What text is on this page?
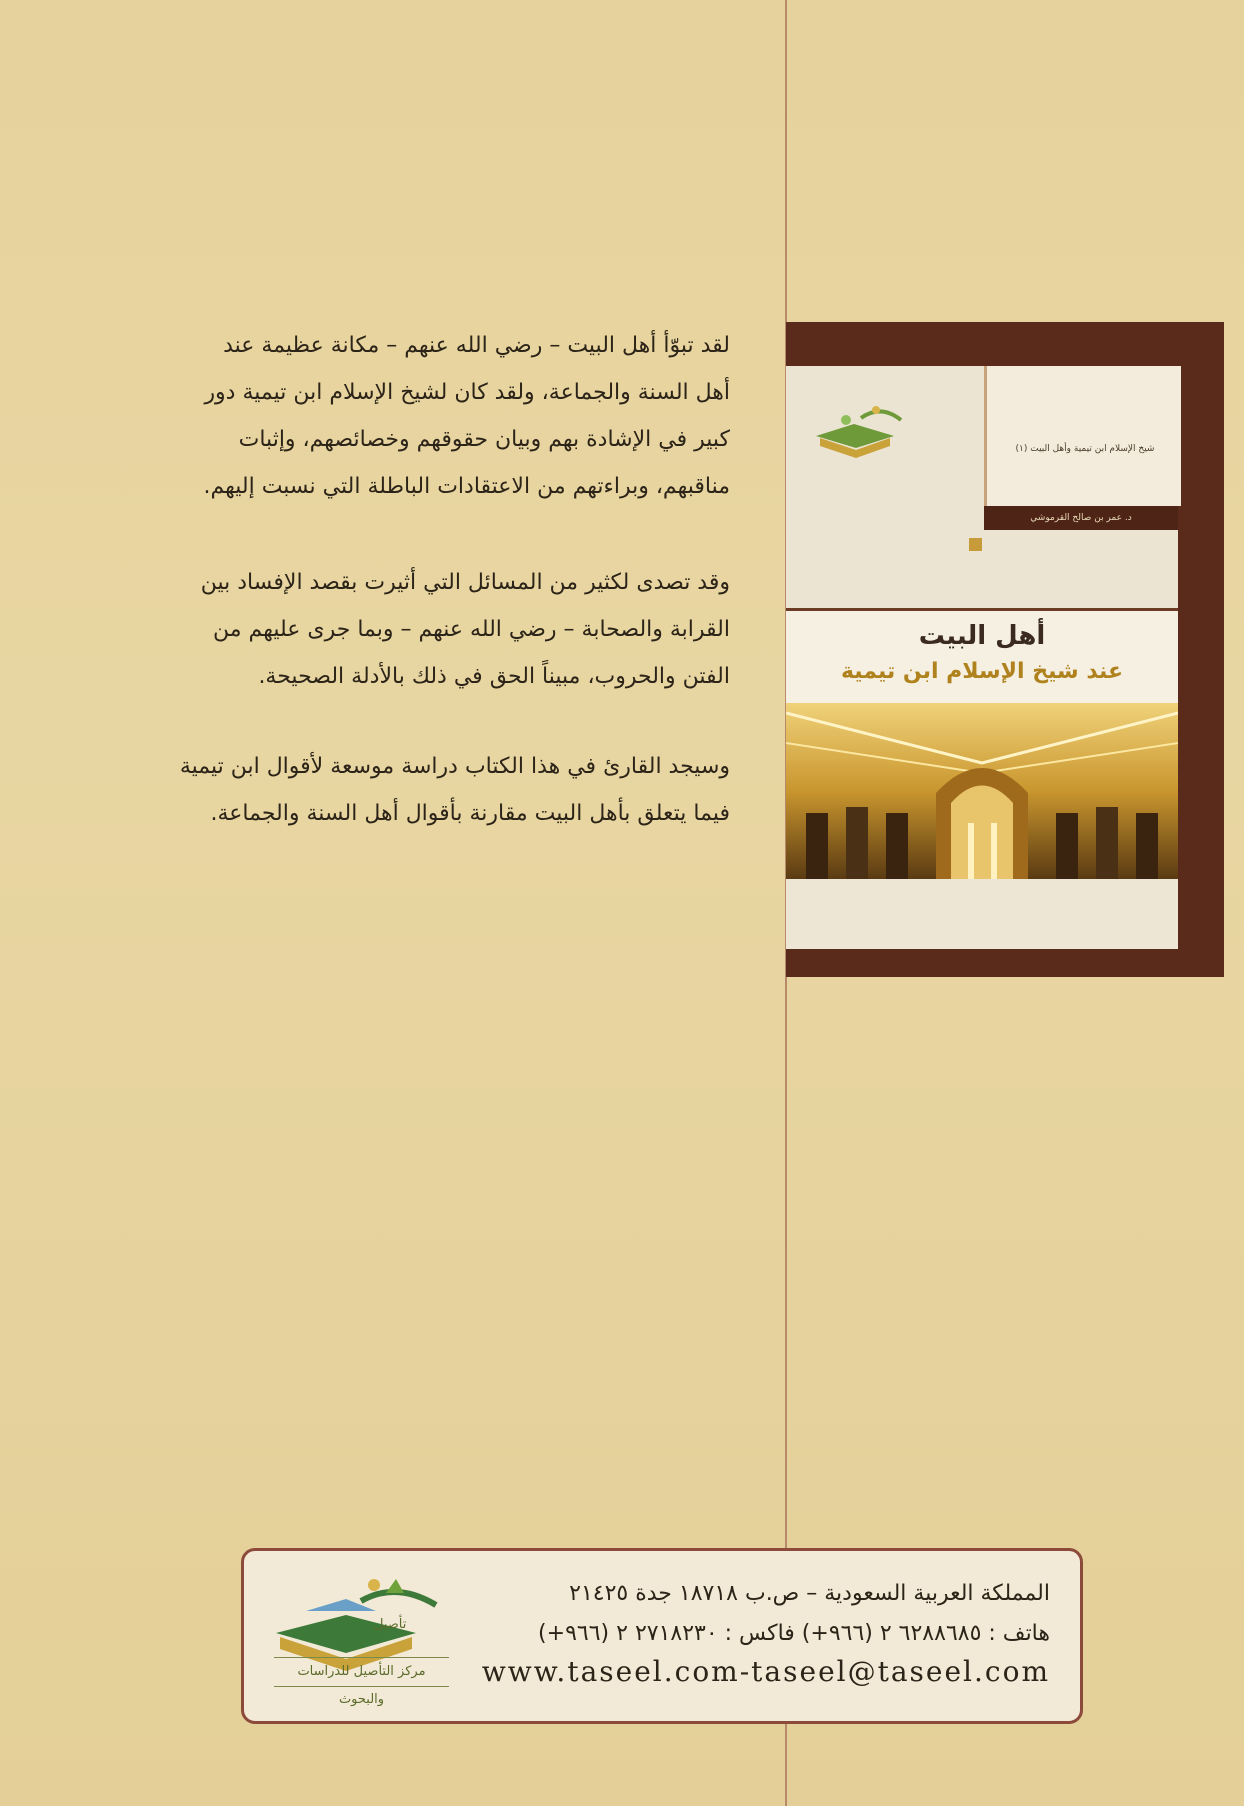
لقد تبوّأ أهل البيت – رضي الله عنهم – مكانة عظيمة عند
أهل السنة والجماعة، ولقد كان لشيخ الإسلام ابن تيمية دور
كبير في الإشادة بهم وبيان حقوقهم وخصائصهم، وإثبات
مناقبهم، وبراءتهم من الاعتقادات الباطلة التي نسبت إليهم.
وقد تصدى لكثير من المسائل التي أثيرت بقصد الإفساد بين
القرابة والصحابة – رضي الله عنهم – وبما جرى عليهم من
الفتن والحروب، مبيناً الحق في ذلك بالأدلة الصحيحة.
وسيجد القارئ في هذا الكتاب دراسة موسعة لأقوال ابن تيمية
فيما يتعلق بأهل البيت مقارنة بأقوال أهل السنة والجماعة.
شيخ الإسلام ابن تيمية وأهل البيت (١)
د. عمر بن صالح القرموشي
أهل البيت
عند شيخ الإسلام ابن تيمية
المملكة العربية السعودية – ص.ب ١٨٧١٨ جدة ٢١٤٢٥
هاتف : ٦٢٨٨٦٨٥ ٢ (٩٦٦+) فاكس : ٢٧١٨٢٣٠ ٢ (٩٦٦+)
www.taseel.com-taseel@taseel.com
تأصيل
مركز التأصيل للدراسات والبحوث
